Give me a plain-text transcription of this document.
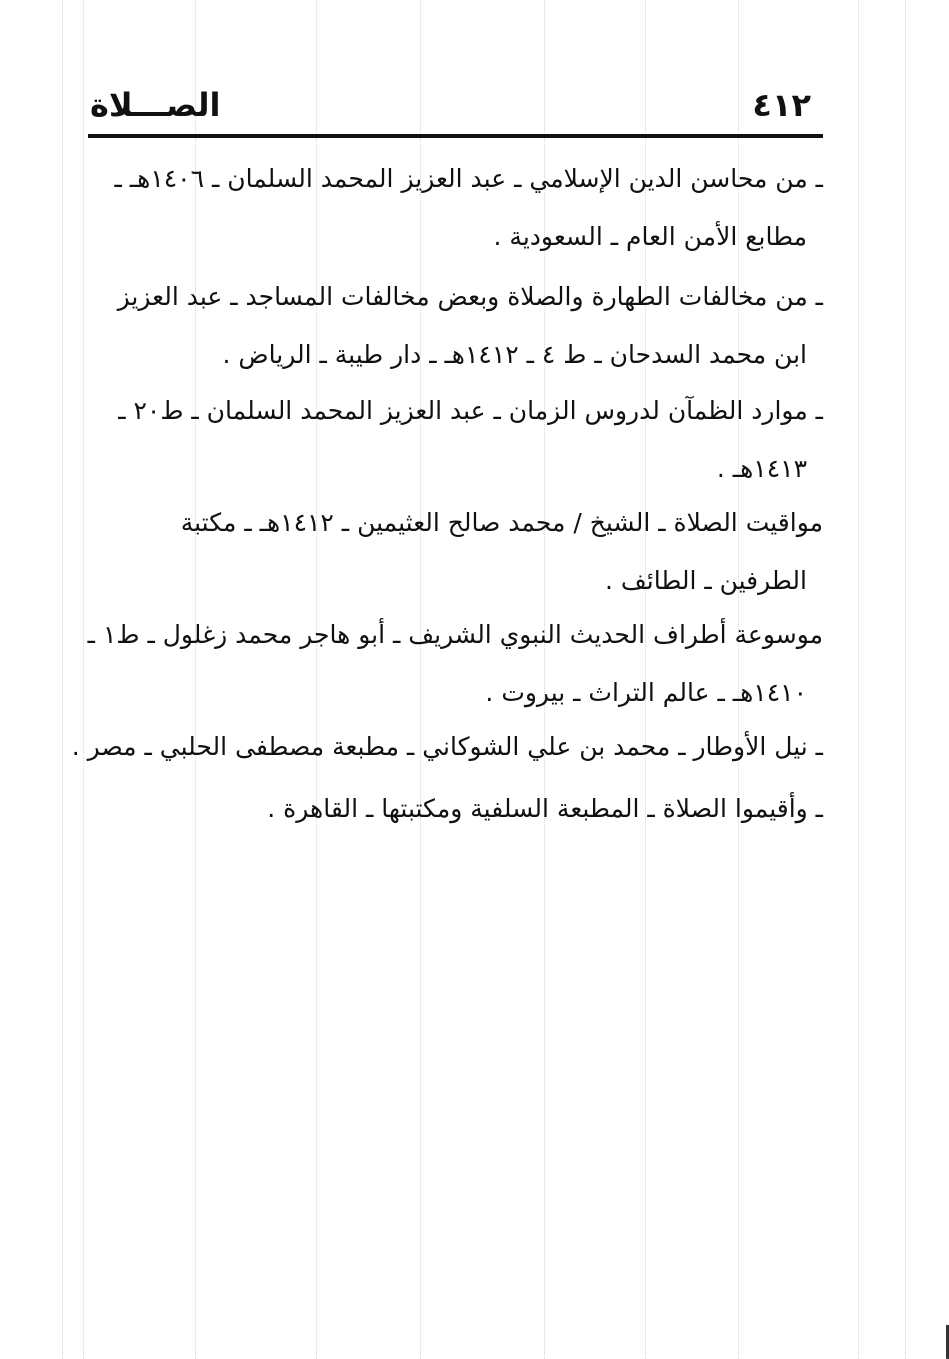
٤١٢
الصـــلاة
ـ من محاسن الدين الإسلامي ـ عبد العزيز المحمد السلمان ـ ١٤٠٦هـ ـ
مطابع الأمن العام ـ السعودية .
ـ من مخالفات الطهارة والصلاة وبعض مخالفات المساجد ـ عبد العزيز
ابن محمد السدحان ـ ط ٤ ـ ١٤١٢هـ ـ دار طيبة ـ الرياض .
ـ موارد الظمآن لدروس الزمان ـ عبد العزيز المحمد السلمان ـ ط٢٠ ـ
١٤١٣هـ .
مواقيت الصلاة ـ الشيخ / محمد صالح العثيمين ـ ١٤١٢هـ ـ مكتبة
الطرفين ـ الطائف .
موسوعة أطراف الحديث النبوي الشريف ـ أبو هاجر محمد زغلول ـ ط١ ـ
١٤١٠هـ ـ عالم التراث ـ بيروت .
ـ نيل الأوطار ـ محمد بن علي الشوكاني ـ مطبعة مصطفى الحلبي ـ مصر .
ـ وأقيموا الصلاة ـ المطبعة السلفية ومكتبتها ـ القاهرة .
